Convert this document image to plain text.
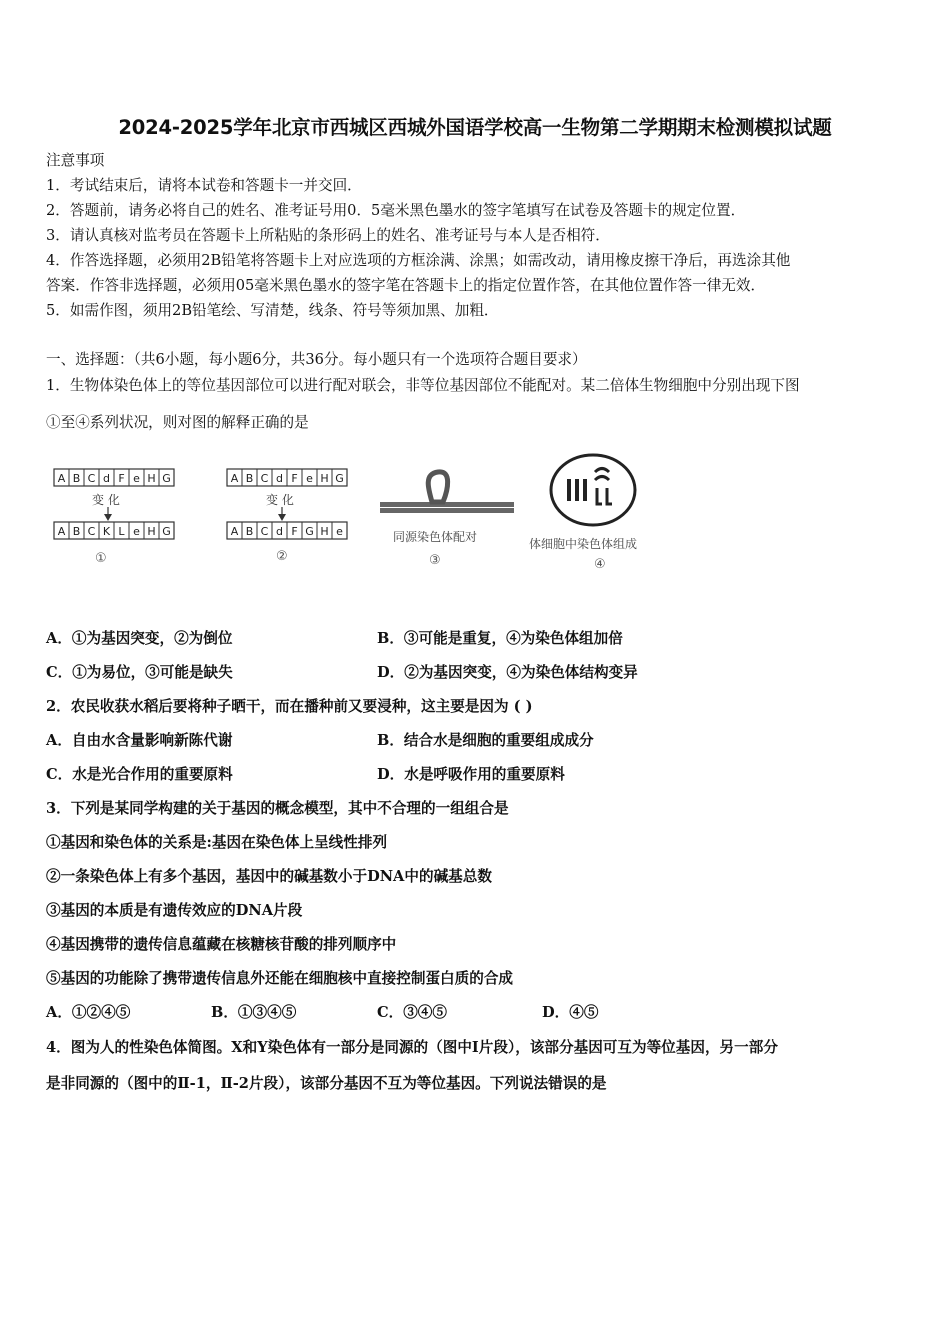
2024-2025学年北京市西城区西城外国语学校高一生物第二学期期末检测模拟试题
注意事项
1．考试结束后，请将本试卷和答题卡一并交回．
2．答题前，请务必将自己的姓名、准考证号用0．5毫米黑色墨水的签字笔填写在试卷及答题卡的规定位置．
3．请认真核对监考员在答题卡上所粘贴的条形码上的姓名、准考证号与本人是否相符．
4．作答选择题，必须用2B铅笔将答题卡上对应选项的方框涂满、涂黑；如需改动，请用橡皮擦干净后，再选涂其他
答案．作答非选择题，必须用05毫米黑色墨水的签字笔在答题卡上的指定位置作答，在其他位置作答一律无效．
5．如需作图，须用2B铅笔绘、写清楚，线条、符号等须加黑、加粗．
一、选择题：（共6小题，每小题6分，共36分。每小题只有一个选项符合题目要求）
1．生物体染色体上的等位基因部位可以进行配对联会，非等位基因部位不能配对。某二倍体生物细胞中分别出现下图
①至④系列状况，则对图的解释正确的是
A B C d F e H G
变 化
A B C K L e H G
①
A B C d F e H G
变 化
A B C d F G H e
②
同源染色体配对
③
体细胞中染色体组成
④
A．①为基因突变，②为倒位	B．③可能是重复，④为染色体组加倍
C．①为易位，③可能是缺失	D．②为基因突变，④为染色体结构变异
2．农民收获水稻后要将种子晒干，而在播种前又要浸种，这主要是因为 ( )
A．自由水含量影响新陈代谢	B．结合水是细胞的重要组成成分
C．水是光合作用的重要原料	D．水是呼吸作用的重要原料
3．下列是某同学构建的关于基因的概念模型，其中不合理的一组组合是
①基因和染色体的关系是:基因在染色体上呈线性排列
②一条染色体上有多个基因，基因中的碱基数小于DNA中的碱基总数
③基因的本质是有遗传效应的DNA片段
④基因携带的遗传信息蕴藏在核糖核苷酸的排列顺序中
⑤基因的功能除了携带遗传信息外还能在细胞核中直接控制蛋白质的合成
A．①②④⑤	B．①③④⑤	C．③④⑤	D．④⑤
4．图为人的性染色体简图。X和Y染色体有一部分是同源的（图中I片段），该部分基因可互为等位基因，另一部分
是非同源的（图中的Ⅱ-1，Ⅱ-2片段），该部分基因不互为等位基因。下列说法错误的是
